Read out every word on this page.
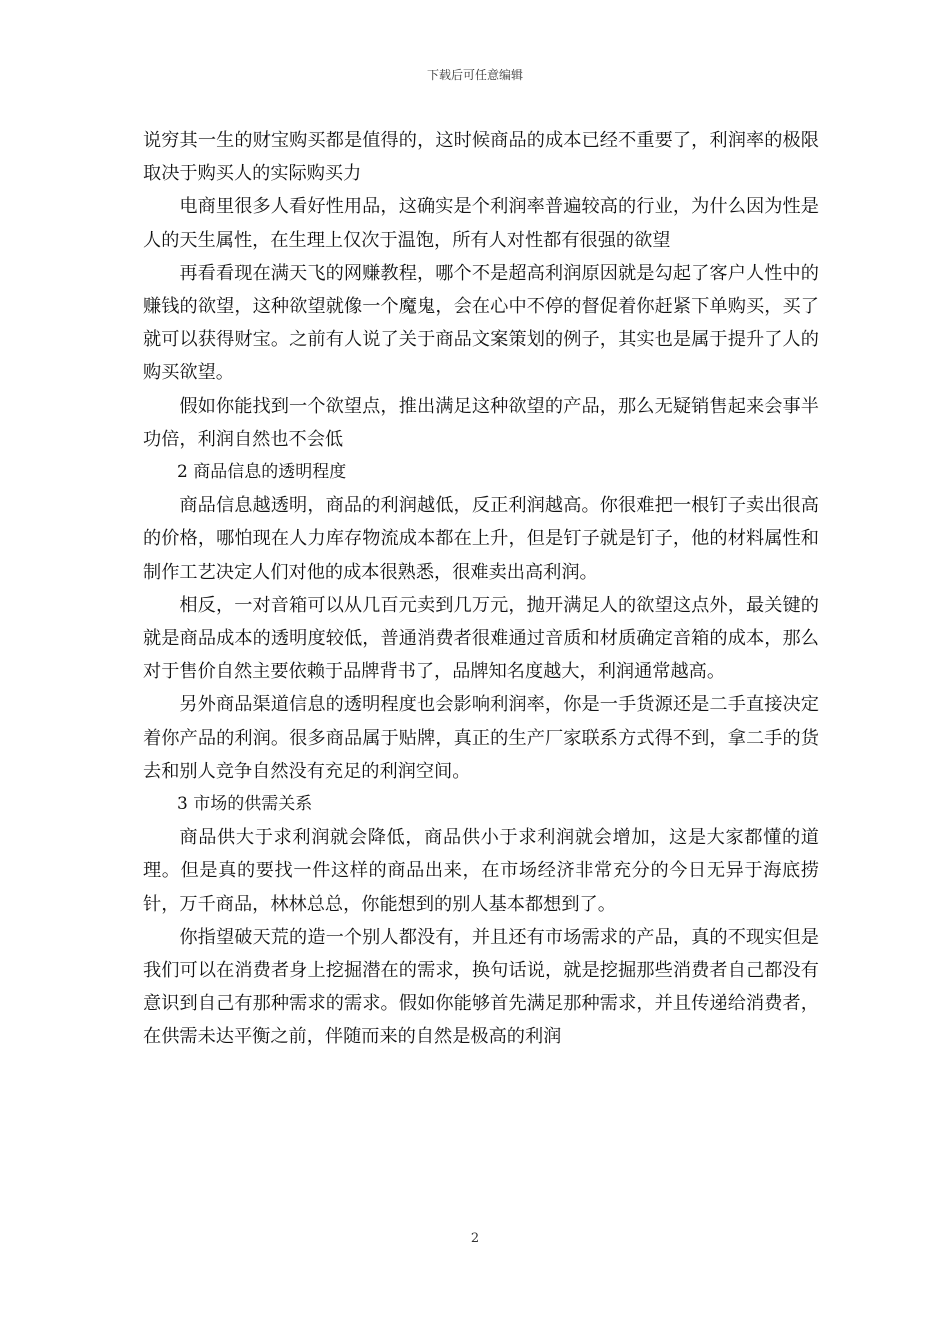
下载后可任意编辑

说穷其一生的财宝购买都是值得的，这时候商品的成本已经不重要了，利润率的极限取决于购买人的实际购买力

电商里很多人看好性用品，这确实是个利润率普遍较高的行业，为什么因为性是人的天生属性，在生理上仅次于温饱，所有人对性都有很强的欲望

再看看现在满天飞的网赚教程，哪个不是超高利润原因就是勾起了客户人性中的赚钱的欲望，这种欲望就像一个魔鬼，会在心中不停的督促着你赶紧下单购买，买了就可以获得财宝。之前有人说了关于商品文案策划的例子，其实也是属于提升了人的购买欲望。

假如你能找到一个欲望点，推出满足这种欲望的产品，那么无疑销售起来会事半功倍，利润自然也不会低

2 商品信息的透明程度

商品信息越透明，商品的利润越低，反正利润越高。你很难把一根钉子卖出很高的价格，哪怕现在人力库存物流成本都在上升，但是钉子就是钉子，他的材料属性和制作工艺决定人们对他的成本很熟悉，很难卖出高利润。

相反，一对音箱可以从几百元卖到几万元，抛开满足人的欲望这点外，最关键的就是商品成本的透明度较低，普通消费者很难通过音质和材质确定音箱的成本，那么对于售价自然主要依赖于品牌背书了，品牌知名度越大，利润通常越高。

另外商品渠道信息的透明程度也会影响利润率，你是一手货源还是二手直接决定着你产品的利润。很多商品属于贴牌，真正的生产厂家联系方式得不到，拿二手的货去和别人竞争自然没有充足的利润空间。

3 市场的供需关系

商品供大于求利润就会降低，商品供小于求利润就会增加，这是大家都懂的道理。但是真的要找一件这样的商品出来，在市场经济非常充分的今日无异于海底捞针，万千商品，林林总总，你能想到的别人基本都想到了。

你指望破天荒的造一个别人都没有，并且还有市场需求的产品，真的不现实但是我们可以在消费者身上挖掘潜在的需求，换句话说，就是挖掘那些消费者自己都没有意识到自己有那种需求的需求。假如你能够首先满足那种需求，并且传递给消费者，在供需未达平衡之前，伴随而来的自然是极高的利润

2
